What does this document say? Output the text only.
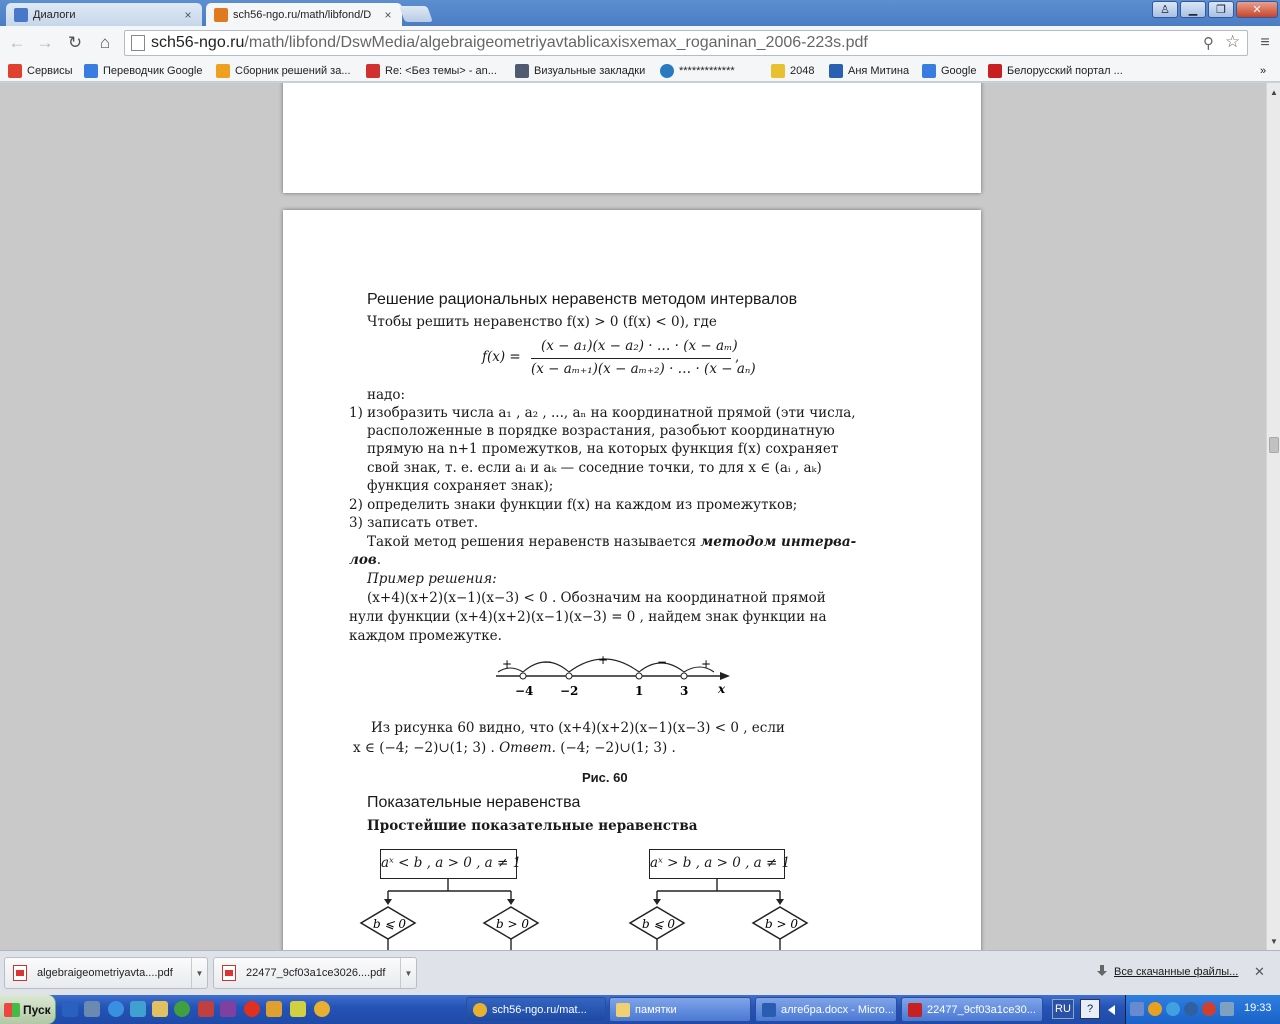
Диалоги	×	sch56-ngo.ru/math/libfond/D	×	♙	▁	❐	✕
← → ↻	⌂	sch56-ngo.ru/math/libfond/DswMedia/algebraigeometriyavtablicaxisxemax_roganinan_2006-223s.pdf	⚲ ☆	≡
Сервисы	Переводчик Google	Сборник решений за...	Re: <Без темы> - an...	Визуальные закладки	*************	2048	Аня Митина	Google	Белорусский портал ...	»
Решение рациональных неравенств методом интервалов
Чтобы решить неравенство f(x) > 0 (f(x) < 0), где
f(x) =
(x − a₁)(x − a₂) · … · (x − aₘ)
(x − aₘ₊₁)(x − aₘ₊₂) · … · (x − aₙ)
,
надо:
1) изобразить числа a₁ , a₂ , ..., aₙ на координатной прямой (эти числа,
расположенные в порядке возрастания, разобьют координатную
прямую на n+1 промежутков, на которых функция f(x) сохраняет
свой знак, т. е. если aᵢ и aₖ — соседние точки, то для x ∈ (aᵢ , aₖ)
функция сохраняет знак);
2) определить знаки функции f(x) на каждом из промежутков;
3) записать ответ.
Такой метод решения неравенств называется методом интерва-
лов.
Пример решения:
(x+4)(x+2)(x−1)(x−3) < 0 . Обозначим на координатной прямой
нули функции (x+4)(x+2)(x−1)(x−3) = 0 , найдем знак функции на
каждом промежутке.
+ −	+	−	+
−4 −2	1	3 x
Рис. 60
Из рисунка 60 видно, что (x+4)(x+2)(x−1)(x−3) < 0 , если
x ∈ (−4; −2)∪(1; 3) . Ответ. (−4; −2)∪(1; 3) .
Показательные неравенства
Простейшие показательные неравенства
aˣ < b , a > 0 , a ≠ 1
b ⩽ 0	b > 0
aˣ > b , a > 0 , a ≠ 1
b ⩽ 0	b > 0
▲
▼
algebraigeometriyavta....pdf	▼	22477_9cf03a1ce3026....pdf	▼	Все скачанные файлы... ✕
Пуск	sch56-ngo.ru/mat...	памятки	алгебра.docx - Micro...	22477_9cf03a1ce30... RU	?	19:33
